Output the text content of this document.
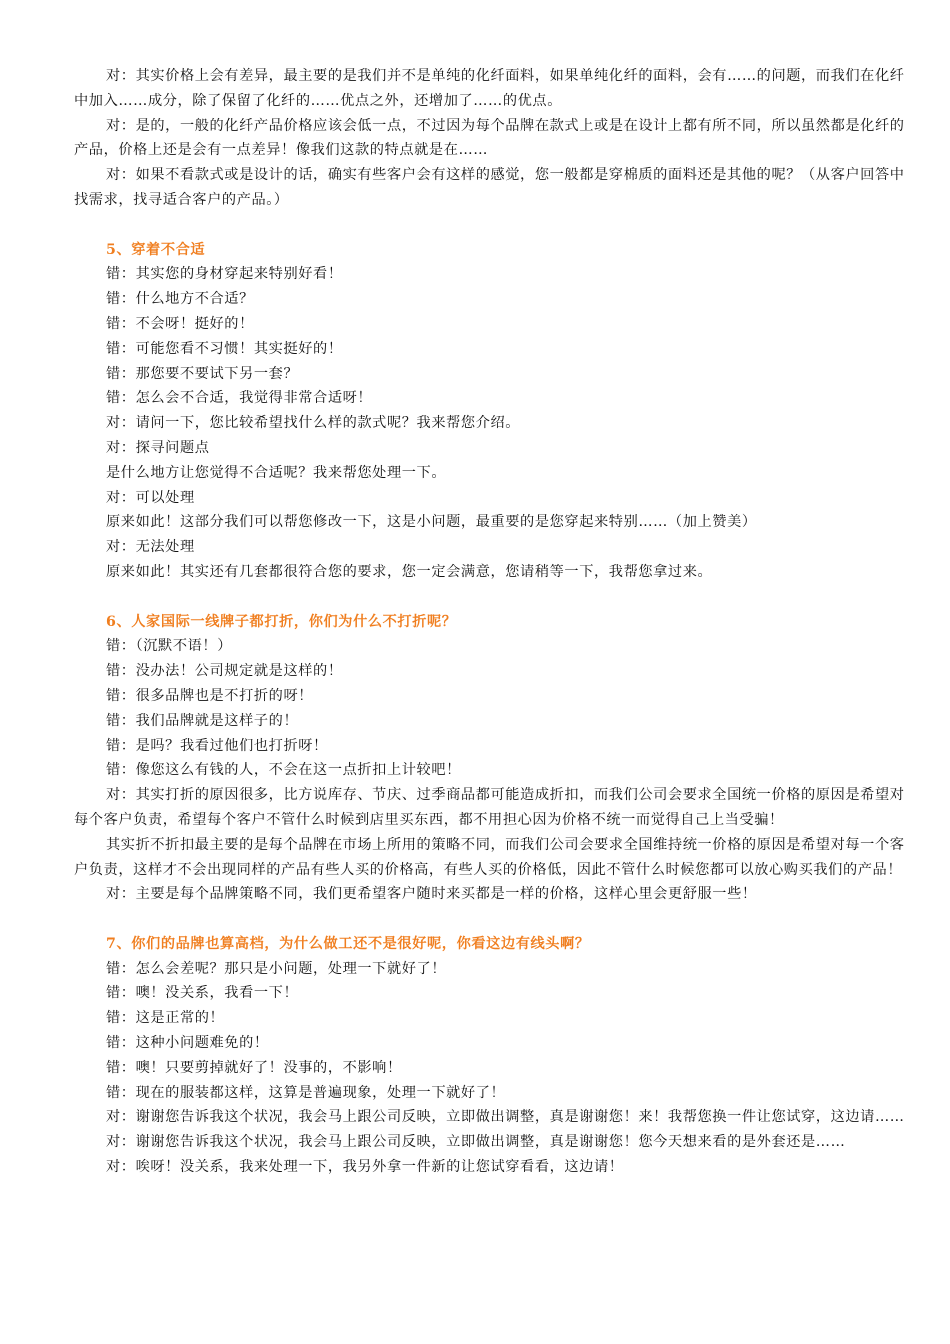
对：其实价格上会有差异，最主要的是我们并不是单纯的化纤面料，如果单纯化纤的面料，会有……的问题，而我们在化纤中加入……成分，除了保留了化纤的……优点之外，还增加了……的优点。

对：是的，一般的化纤产品价格应该会低一点，不过因为每个品牌在款式上或是在设计上都有所不同，所以虽然都是化纤的产品，价格上还是会有一点差异！像我们这款的特点就是在……

对：如果不看款式或是设计的话，确实有些客户会有这样的感觉，您一般都是穿棉质的面料还是其他的呢？（从客户回答中找需求，找寻适合客户的产品。）

5、穿着不合适

错：其实您的身材穿起来特别好看！

错：什么地方不合适？

错：不会呀！挺好的！

错：可能您看不习惯！其实挺好的！

错：那您要不要试下另一套？

错：怎么会不合适，我觉得非常合适呀！

对：请问一下，您比较希望找什么样的款式呢？我来帮您介绍。

对：探寻问题点

是什么地方让您觉得不合适呢？我来帮您处理一下。

对：可以处理

原来如此！这部分我们可以帮您修改一下，这是小问题，最重要的是您穿起来特别……（加上赞美）

对：无法处理

原来如此！其实还有几套都很符合您的要求，您一定会满意，您请稍等一下，我帮您拿过来。

6、人家国际一线牌子都打折，你们为什么不打折呢？

错：（沉默不语！）

错：没办法！公司规定就是这样的！

错：很多品牌也是不打折的呀！

错：我们品牌就是这样子的！

错：是吗？我看过他们也打折呀！

错：像您这么有钱的人，不会在这一点折扣上计较吧！

对：其实打折的原因很多，比方说库存、节庆、过季商品都可能造成折扣，而我们公司会要求全国统一价格的原因是希望对每个客户负责，希望每个客户不管什么时候到店里买东西，都不用担心因为价格不统一而觉得自己上当受骗！

其实折不折扣最主要的是每个品牌在市场上所用的策略不同，而我们公司会要求全国维持统一价格的原因是希望对每一个客户负责，这样才不会出现同样的产品有些人买的价格高，有些人买的价格低，因此不管什么时候您都可以放心购买我们的产品！

对：主要是每个品牌策略不同，我们更希望客户随时来买都是一样的价格，这样心里会更舒服一些！

7、你们的品牌也算高档，为什么做工还不是很好呢，你看这边有线头啊？

错：怎么会差呢？那只是小问题，处理一下就好了！

错：噢！没关系，我看一下！

错：这是正常的！

错：这种小问题难免的！

错：噢！只要剪掉就好了！没事的，不影响！

错：现在的服装都这样，这算是普遍现象，处理一下就好了！

对：谢谢您告诉我这个状况，我会马上跟公司反映，立即做出调整，真是谢谢您！来！我帮您换一件让您试穿，这边请……

对：谢谢您告诉我这个状况，我会马上跟公司反映，立即做出调整，真是谢谢您！您今天想来看的是外套还是……

对：唉呀！没关系，我来处理一下，我另外拿一件新的让您试穿看看，这边请！
